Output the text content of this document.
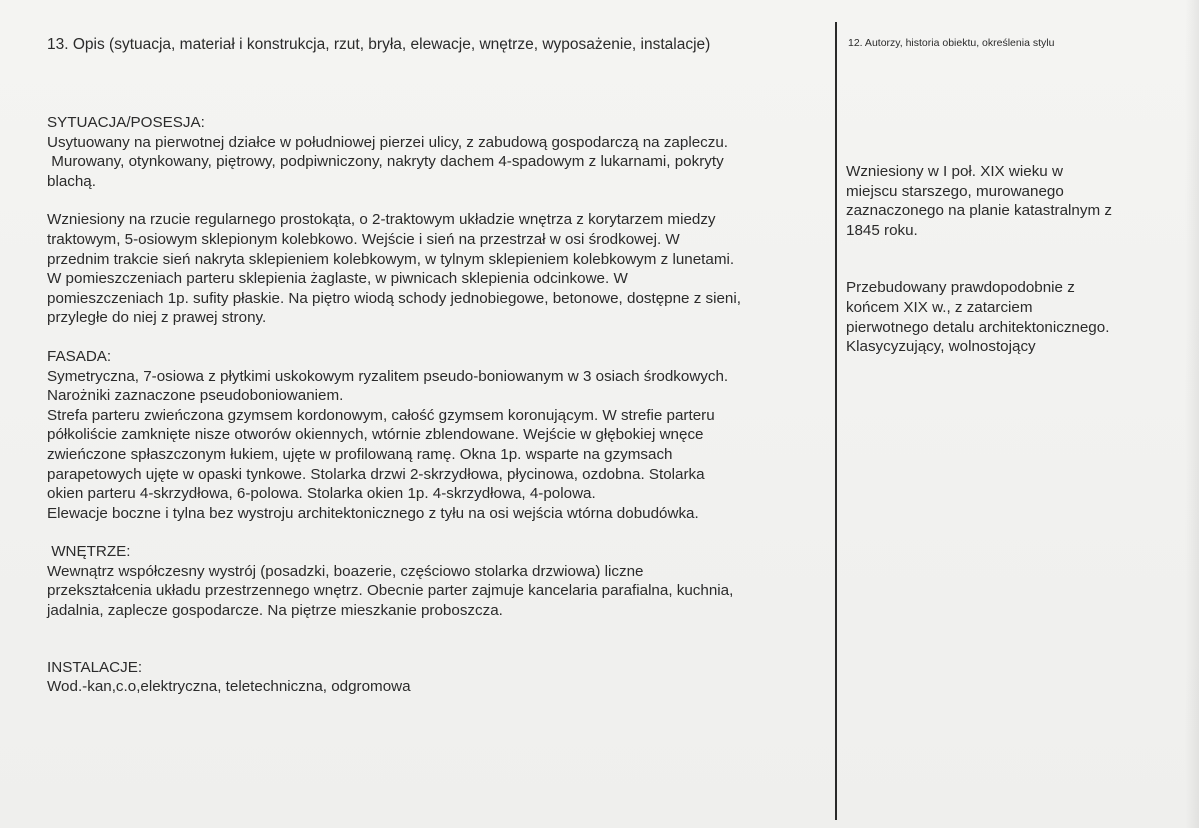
13. Opis (sytuacja, materiał i konstrukcja, rzut, bryła, elewacje, wnętrze, wyposażenie, instalacje)	12. Autorzy, historia obiektu, określenia stylu
SYTUACJA/POSESJA:
Usytuowany na pierwotnej działce w południowej pierzei ulicy, z zabudową gospodarczą na zapleczu.
Murowany, otynkowany, piętrowy, podpiwniczony, nakryty dachem 4-spadowym z lukarnami, pokryty
blachą.
Wzniesiony na rzucie regularnego prostokąta, o 2-traktowym układzie wnętrza z korytarzem miedzy
traktowym, 5-osiowym sklepionym kolebkowo. Wejście i sień na przestrzał w osi środkowej. W
przednim trakcie sień nakryta sklepieniem kolebkowym, w tylnym sklepieniem kolebkowym z lunetami.
W pomieszczeniach parteru sklepienia żaglaste, w piwnicach sklepienia odcinkowe. W
pomieszczeniach 1p. sufity płaskie. Na piętro wiodą schody jednobiegowe, betonowe, dostępne z sieni,
przyległe do niej z prawej strony.
FASADA:
Symetryczna, 7-osiowa z płytkimi uskokowym ryzalitem pseudo-boniowanym w 3 osiach środkowych.
Narożniki zaznaczone pseudoboniowaniem.
Strefa parteru zwieńczona gzymsem kordonowym, całość gzymsem koronującym. W strefie parteru
półkoliście zamknięte nisze otworów okiennych, wtórnie zblendowane. Wejście w głębokiej wnęce
zwieńczone spłaszczonym łukiem, ujęte w profilowaną ramę. Okna 1p. wsparte na gzymsach
parapetowych ujęte w opaski tynkowe. Stolarka drzwi 2-skrzydłowa, płycinowa, ozdobna. Stolarka
okien parteru 4-skrzydłowa, 6-polowa. Stolarka okien 1p. 4-skrzydłowa, 4-polowa.
Elewacje boczne i tylna bez wystroju architektonicznego z tyłu na osi wejścia wtórna dobudówka.
WNĘTRZE:
Wewnątrz współczesny wystrój (posadzki, boazerie, częściowo stolarka drzwiowa) liczne
przekształcenia układu przestrzennego wnętrz. Obecnie parter zajmuje kancelaria parafialna, kuchnia,
jadalnia, zaplecze gospodarcze. Na piętrze mieszkanie proboszcza.
INSTALACJE:
Wod.-kan,c.o,elektryczna, teletechniczna, odgromowa
Wzniesiony w I poł. XIX wieku w
miejscu starszego, murowanego
zaznaczonego na planie katastralnym z
1845 roku.
Przebudowany prawdopodobnie z
końcem XIX w., z zatarciem
pierwotnego detalu architektonicznego.
Klasycyzujący, wolnostojący
